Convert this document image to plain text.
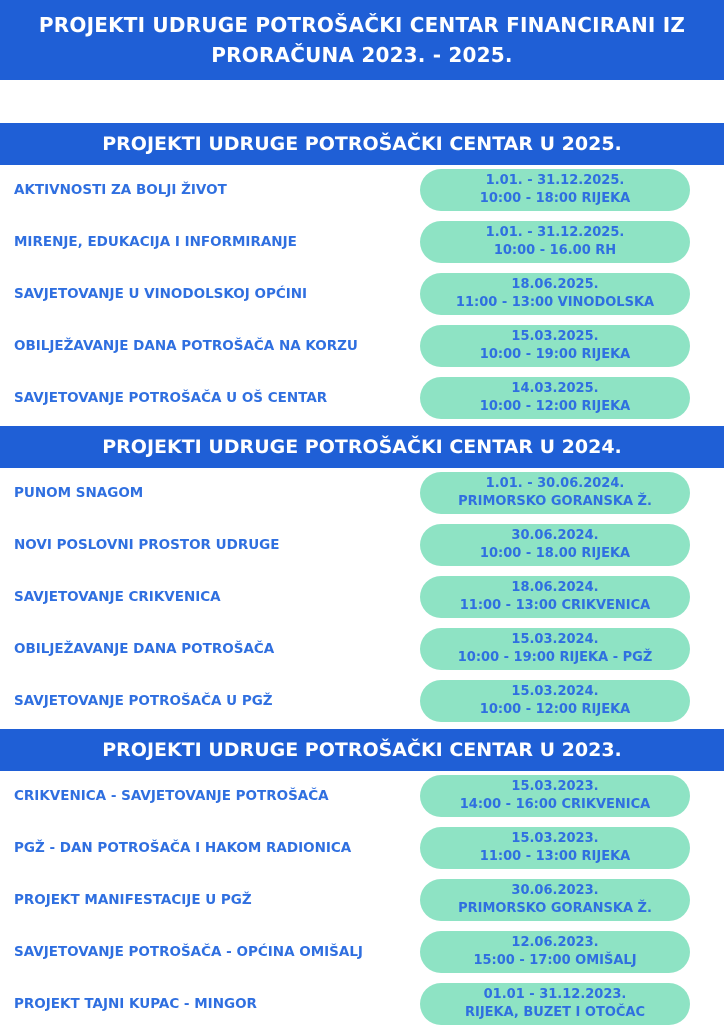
PROJEKTI UDRUGE POTROŠAČKI CENTAR FINANCIRANI IZ PRORAČUNA 2023. - 2025.
PROJEKTI UDRUGE POTROŠAČKI CENTAR U 2025.
AKTIVNOSTI ZA BOLJI ŽIVOT
1.01. - 31.12.2025.
10:00 - 18:00 RIJEKA
MIRENJE, EDUKACIJA I INFORMIRANJE
1.01. - 31.12.2025.
10:00 - 16.00 RH
SAVJETOVANJE U VINODOLSKOJ OPĆINI
18.06.2025.
11:00 - 13:00 VINODOLSKA
OBILJEŽAVANJE DANA POTROŠAČA NA KORZU
15.03.2025.
10:00 - 19:00 RIJEKA
SAVJETOVANJE POTROŠAČA U OŠ CENTAR
14.03.2025.
10:00 - 12:00 RIJEKA
PROJEKTI UDRUGE POTROŠAČKI CENTAR U 2024.
PUNOM SNAGOM
1.01. - 30.06.2024.
PRIMORSKO GORANSKA Ž.
NOVI POSLOVNI PROSTOR UDRUGE
30.06.2024.
10:00 - 18.00 RIJEKA
SAVJETOVANJE CRIKVENICA
18.06.2024.
11:00 - 13:00 CRIKVENICA
OBILJEŽAVANJE DANA POTROŠAČA
15.03.2024.
10:00 - 19:00 RIJEKA - PGŽ
SAVJETOVANJE POTROŠAČA U PGŽ
15.03.2024.
10:00 - 12:00 RIJEKA
PROJEKTI UDRUGE POTROŠAČKI CENTAR U 2023.
CRIKVENICA - SAVJETOVANJE POTROŠAČA
15.03.2023.
14:00 - 16:00 CRIKVENICA
PGŽ - DAN POTROŠAČA I HAKOM RADIONICA
15.03.2023.
11:00 - 13:00 RIJEKA
PROJEKT MANIFESTACIJE U PGŽ
30.06.2023.
PRIMORSKO GORANSKA Ž.
SAVJETOVANJE POTROŠAČA - OPĆINA OMIŠALJ
12.06.2023.
15:00 - 17:00 OMIŠALJ
PROJEKT TAJNI KUPAC - MINGOR
01.01 - 31.12.2023.
RIJEKA, BUZET I OTOČAC
